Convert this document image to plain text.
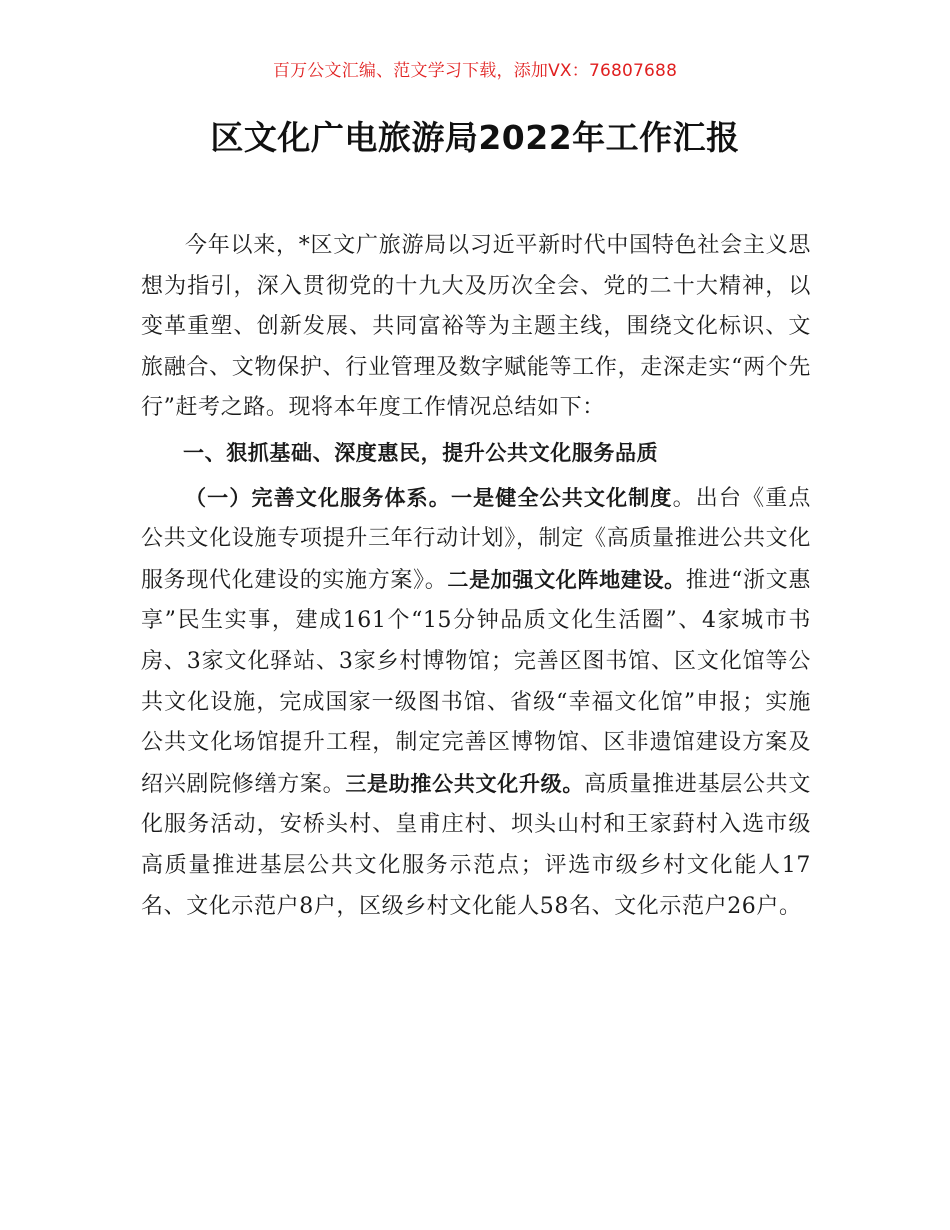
百万公文汇编、范文学习下载，添加VX：76807688
区文化广电旅游局2022年工作汇报

今年以来，*区文广旅游局以习近平新时代中国特色社会主义思想为指引，深入贯彻党的十九大及历次全会、党的二十大精神，以变革重塑、创新发展、共同富裕等为主题主线，围绕文化标识、文旅融合、文物保护、行业管理及数字赋能等工作，走深走实“两个先行”赶考之路。现将本年度工作情况总结如下：

一、狠抓基础、深度惠民，提升公共文化服务品质

（一）完善文化服务体系。一是健全公共文化制度。出台《重点公共文化设施专项提升三年行动计划》，制定《高质量推进公共文化服务现代化建设的实施方案》。二是加强文化阵地建设。推进“浙文惠享”民生实事，建成161个“15分钟品质文化生活圈”、4家城市书房、3家文化驿站、3家乡村博物馆；完善区图书馆、区文化馆等公共文化设施，完成国家一级图书馆、省级“幸福文化馆”申报；实施公共文化场馆提升工程，制定完善区博物馆、区非遗馆建设方案及绍兴剧院修缮方案。三是助推公共文化升级。高质量推进基层公共文化服务活动，安桥头村、皇甫庄村、坝头山村和王家葑村入选市级高质量推进基层公共文化服务示范点；评选市级乡村文化能人17名、文化示范户8户，区级乡村文化能人58名、文化示范户26户。
